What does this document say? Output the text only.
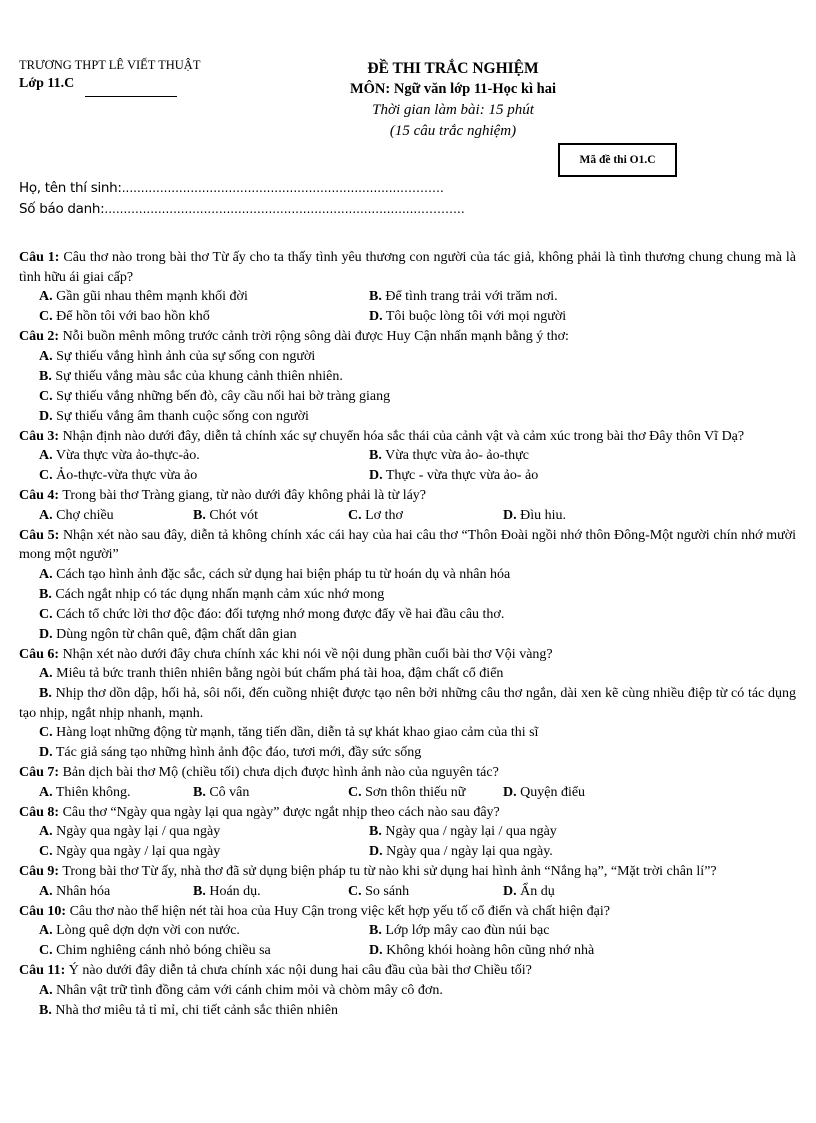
TRƯƠNG THPT LÊ VIẾT THUẬT
Lớp 11.C
ĐỀ THI TRẮC NGHIỆM
MÔN: Ngữ văn lớp 11-Học kì hai
Thời gian làm bài: 15 phút
(15 câu trắc nghiệm)
Mã đề thi O1.C
Họ, tên thí sinh:..........................................................................……….
Số báo danh:...................................................................................………..
Câu 1: Câu thơ nào trong bài thơ Từ ấy cho ta thấy tình yêu thương con người của tác giả, không phải là tình thương chung chung mà là tình hữu ái giai cấp?
A. Gần gũi nhau thêm mạnh khối đời	B. Để tình trang trải với trăm nơi.
C. Để hồn tôi với bao hồn khổ	D. Tôi buộc lòng tôi với mọi người
Câu 2: Nỗi buồn mênh mông trước cảnh trời rộng sông dài được Huy Cận nhấn mạnh bằng ý thơ:
A. Sự thiếu vắng hình ảnh của sự sống con người
B. Sự thiếu vắng màu sắc của khung cảnh thiên nhiên.
C. Sự thiếu vắng những bến đò, cây cầu nối hai bờ tràng giang
D. Sự thiếu vắng âm thanh cuộc sống con người
Câu 3: Nhận định nào dưới đây, diễn tả chính xác sự chuyển hóa sắc thái của cảnh vật và cảm xúc trong bài thơ Đây thôn Vĩ Dạ?
A. Vừa thực vừa ảo-thực-ảo.	B. Vừa thực vừa ảo- ảo-thực
C. Ảo-thực-vừa thực vừa ảo	D. Thực - vừa thực vừa ảo- ảo
Câu 4: Trong bài thơ Tràng giang, từ nào dưới đây không phải là từ láy?
A. Chợ chiều	B. Chót vót	C. Lơ thơ	D. Đìu hiu.
Câu 5: Nhận xét nào sau đây, diễn tả không chính xác cái hay của hai câu thơ “Thôn Đoài ngồi nhớ thôn Đông-Một người chín nhớ mười mong một người”
A. Cách tạo hình ảnh đặc sắc, cách sử dụng hai biện pháp tu từ hoán dụ và nhân hóa
B. Cách ngắt nhịp có tác dụng nhấn mạnh cảm xúc nhớ mong
C. Cách tổ chức lời thơ độc đáo: đối tượng nhớ mong được đẩy về hai đầu câu thơ.
D. Dùng ngôn từ chân quê, đậm chất dân gian
Câu 6: Nhận xét nào dưới đây chưa chính xác khi nói về nội dung phần cuối bài thơ Vội vàng?
A. Miêu tả bức tranh thiên nhiên bằng ngòi bút chấm phá tài hoa, đậm chất cổ điển
B. Nhịp thơ dồn dập, hối hả, sôi nổi, đến cuồng nhiệt được tạo nên bởi những câu thơ ngắn, dài xen kẽ cùng nhiều điệp từ có tác dụng tạo nhịp, ngắt nhịp nhanh, mạnh.
C. Hàng loạt những động từ mạnh, tăng tiến dần, diễn tả sự khát khao giao cảm của thi sĩ
D. Tác giả sáng tạo những hình ảnh độc đáo, tươi mới, đầy sức sống
Câu 7: Bản dịch bài thơ Mộ (chiều tối) chưa dịch được hình ảnh nào của nguyên tác?
A. Thiên không.	B. Cô vân	C. Sơn thôn thiếu nữ	D. Quyện điểu
Câu 8: Câu thơ “Ngày qua ngày lại qua ngày” được ngắt nhịp theo cách nào sau đây?
A. Ngày qua ngày lại / qua ngày	B. Ngày qua / ngày lại / qua ngày
C. Ngày qua ngày / lại qua ngày	D. Ngày qua / ngày lại qua ngày.
Câu 9: Trong bài thơ Từ ấy, nhà thơ đã sử dụng biện pháp tu từ nào khi sử dụng hai hình ảnh “Nắng hạ”, “Mặt trời chân lí”?
A. Nhân hóa	B. Hoán dụ.	C. So sánh	D. Ẩn dụ
Câu 10: Câu thơ nào thể hiện nét tài hoa của Huy Cận trong việc kết hợp yếu tố cổ điển và chất hiện đại?
A. Lòng quê dợn dợn vời con nước.	B. Lớp lớp mây cao đùn núi bạc
C. Chim nghiêng cánh nhỏ bóng chiều sa	D. Không khói hoàng hôn cũng nhớ nhà
Câu 11: Ý nào dưới đây diễn tả chưa chính xác nội dung hai câu đầu của bài thơ Chiều tối?
A. Nhân vật trữ tình đồng cảm với cánh chim mỏi và chòm mây cô đơn.
B. Nhà thơ miêu tả tỉ mỉ, chi tiết cảnh sắc thiên nhiên
